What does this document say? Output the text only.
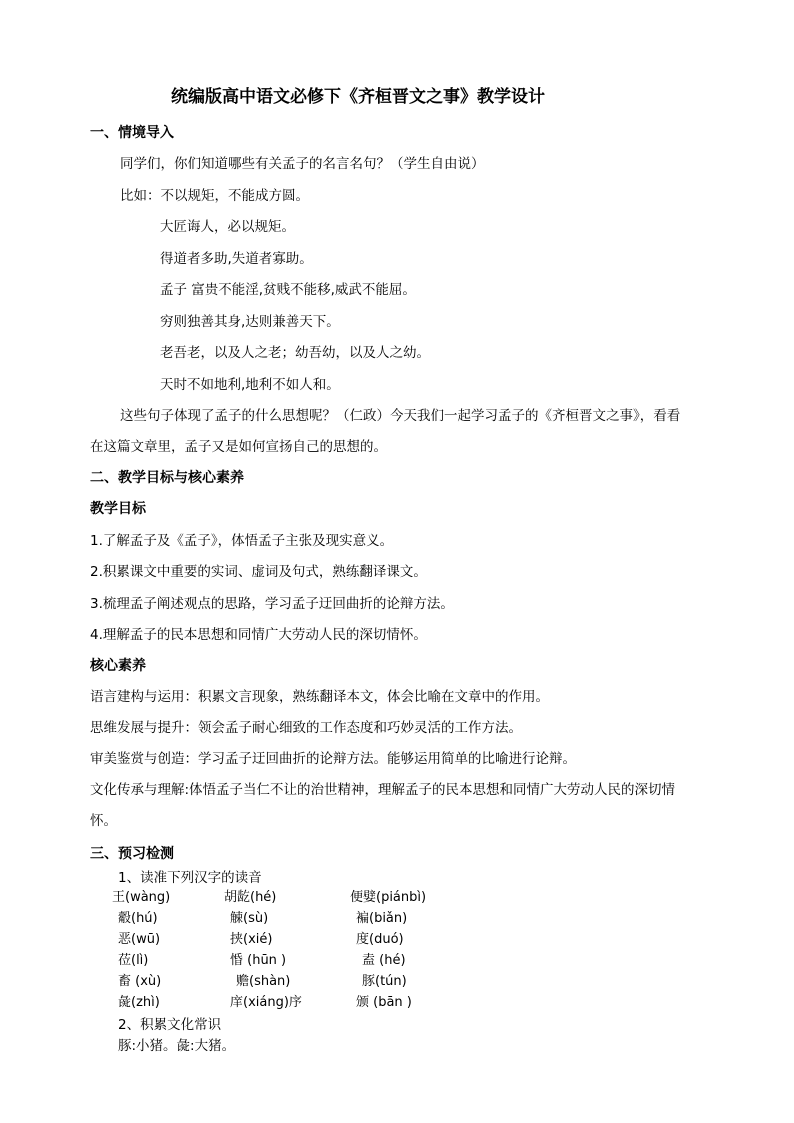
统编版高中语文必修下《齐桓晋文之事》教学设计
一、情境导入
同学们，你们知道哪些有关孟子的名言名句？（学生自由说）
比如：不以规矩，不能成方圆。
大匠诲人，必以规矩。
得道者多助,失道者寡助。
孟子 富贵不能淫,贫贱不能移,威武不能屈。
穷则独善其身,达则兼善天下。
老吾老，以及人之老；幼吾幼，以及人之幼。
天时不如地利,地利不如人和。
这些句子体现了孟子的什么思想呢？（仁政）今天我们一起学习孟子的《齐桓晋文之事》，看看
在这篇文章里，孟子又是如何宣扬自己的思想的。
二、教学目标与核心素养
教学目标
1.了解孟子及《孟子》，体悟孟子主张及现实意义。
2.积累课文中重要的实词、虚词及句式，熟练翻译课文。
3.梳理孟子阐述观点的思路，学习孟子迂回曲折的论辩方法。
4.理解孟子的民本思想和同情广大劳动人民的深切情怀。
核心素养
语言建构与运用：积累文言现象，熟练翻译本文，体会比喻在文章中的作用。
思维发展与提升：领会孟子耐心细致的工作态度和巧妙灵活的工作方法。
审美鉴赏与创造：学习孟子迂回曲折的论辩方法。能够运用简单的比喻进行论辩。
文化传承与理解:体悟孟子当仁不让的治世精神，理解孟子的民本思想和同情广大劳动人民的深切情
怀。
三、预习检测
1、读准下列汉字的读音
王(wàng)	胡龁(hé)	便嬖(piánbì)
觳(hú)	觫(sù)	褊(biǎn)
恶(wū)	挟(xié)	度(duó)
莅(lì)	惛 (hūn )	盍 (hé)
畜 (xù)	赡(shàn)	豚(tún)
彘(zhì)	庠(xiáng)序	颁 (bān )
2、积累文化常识
豚:小猪。彘:大猪。
